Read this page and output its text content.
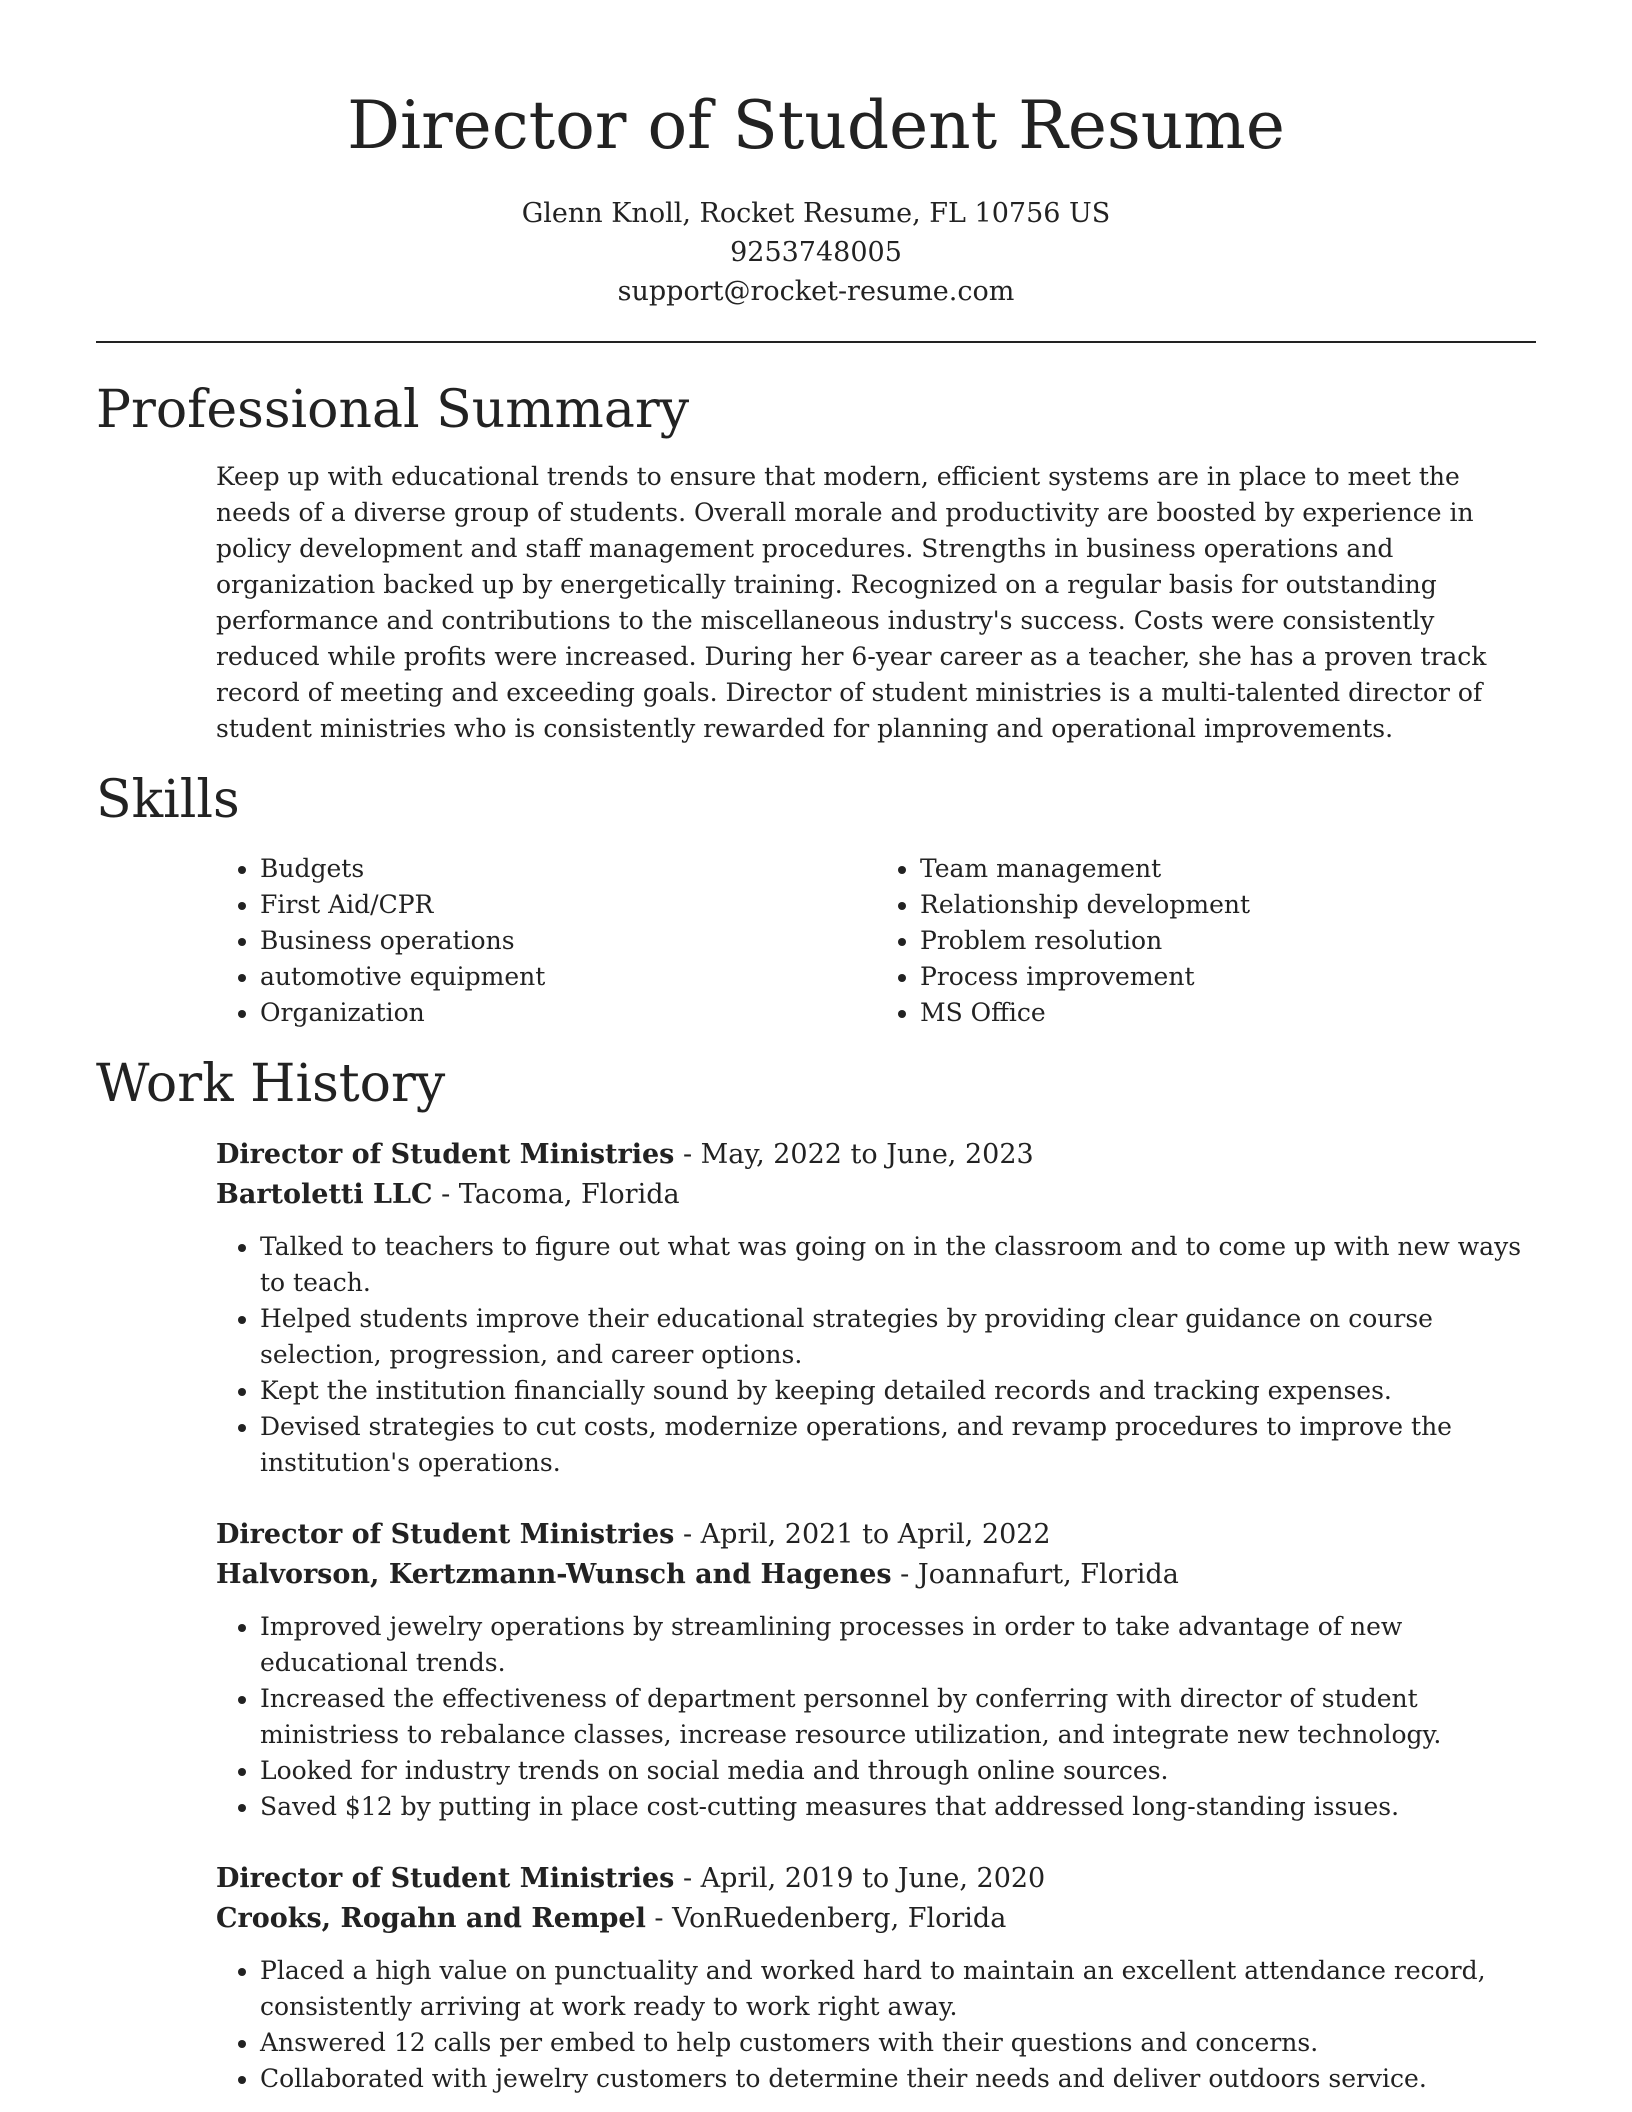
Director of Student Resume
Glenn Knoll, Rocket Resume, FL 10756 US
9253748005
support@rocket-resume.com
Professional Summary
Keep up with educational trends to ensure that modern, efficient systems are in place to meet the needs of a diverse group of students. Overall morale and productivity are boosted by experience in policy development and staff management procedures. Strengths in business operations and organization backed up by energetically training. Recognized on a regular basis for outstanding performance and contributions to the miscellaneous industry's success. Costs were consistently reduced while profits were increased. During her 6-year career as a teacher, she has a proven track record of meeting and exceeding goals. Director of student ministries is a multi-talented director of student ministries who is consistently rewarded for planning and operational improvements.
Skills
• Budgets
• First Aid/CPR
• Business operations
• automotive equipment
• Organization
• Team management
• Relationship development
• Problem resolution
• Process improvement
• MS Office
Work History
Director of Student Ministries - May, 2022 to June, 2023
Bartoletti LLC - Tacoma, Florida
• Talked to teachers to figure out what was going on in the classroom and to come up with new ways to teach.
• Helped students improve their educational strategies by providing clear guidance on course selection, progression, and career options.
• Kept the institution financially sound by keeping detailed records and tracking expenses.
• Devised strategies to cut costs, modernize operations, and revamp procedures to improve the institution's operations.
Director of Student Ministries - April, 2021 to April, 2022
Halvorson, Kertzmann-Wunsch and Hagenes - Joannafurt, Florida
• Improved jewelry operations by streamlining processes in order to take advantage of new educational trends.
• Increased the effectiveness of department personnel by conferring with director of student ministriess to rebalance classes, increase resource utilization, and integrate new technology.
• Looked for industry trends on social media and through online sources.
• Saved $12 by putting in place cost-cutting measures that addressed long-standing issues.
Director of Student Ministries - April, 2019 to June, 2020
Crooks, Rogahn and Rempel - VonRuedenberg, Florida
• Placed a high value on punctuality and worked hard to maintain an excellent attendance record, consistently arriving at work ready to work right away.
• Answered 12 calls per embed to help customers with their questions and concerns.
• Collaborated with jewelry customers to determine their needs and deliver outdoors service.
